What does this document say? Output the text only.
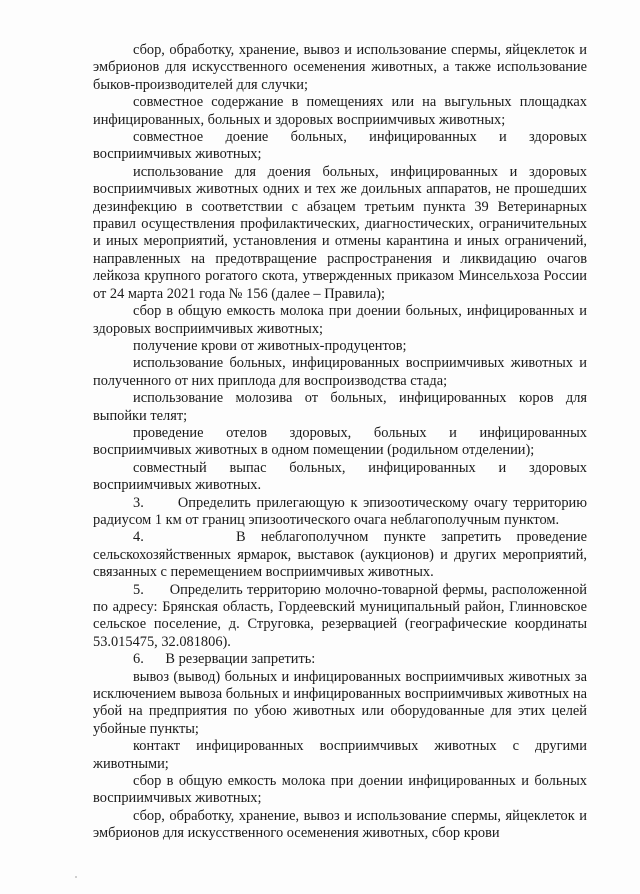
сбор, обработку, хранение, вывоз и использование спермы, яйцеклеток и эмбрионов для искусственного осеменения животных, а также использование быков-производителей для случки;

совместное содержание в помещениях или на выгульных площадках инфицированных, больных и здоровых восприимчивых животных;

совместное доение больных, инфицированных и здоровых восприимчивых животных;

использование для доения больных, инфицированных и здоровых восприимчивых животных одних и тех же доильных аппаратов, не прошедших дезинфекцию в соответствии с абзацем третьим пункта 39 Ветеринарных правил осуществления профилактических, диагностических, ограничительных и иных мероприятий, установления и отмены карантина и иных ограничений, направленных на предотвращение распространения и ликвидацию очагов лейкоза крупного рогатого скота, утвержденных приказом Минсельхоза России от 24 марта 2021 года № 156 (далее – Правила);

сбор в общую емкость молока при доении больных, инфицированных и здоровых восприимчивых животных;

получение крови от животных-продуцентов;

использование больных, инфицированных восприимчивых животных и полученного от них приплода для воспроизводства стада;

использование молозива от больных, инфицированных коров для выпойки телят;

проведение отелов здоровых, больных и инфицированных восприимчивых животных в одном помещении (родильном отделении);

совместный выпас больных, инфицированных и здоровых восприимчивых животных.

3.      Определить прилегающую к эпизоотическому очагу территорию радиусом 1 км от границ эпизоотического очага неблагополучным пунктом.

4.      В неблагополучном пункте запретить проведение сельскохозяйственных ярмарок, выставок (аукционов) и других мероприятий, связанных с перемещением восприимчивых животных.

5.      Определить территорию молочно-товарной фермы, расположенной по адресу: Брянская область, Гордеевский муниципальный район, Глинновское сельское поселение, д. Струговка, резервацией (географические координаты 53.015475, 32.081806).

6.      В резервации запретить:

вывоз (вывод) больных и инфицированных восприимчивых животных за исключением вывоза больных и инфицированных восприимчивых животных на убой на предприятия по убою животных или оборудованные для этих целей убойные пункты;

контакт инфицированных восприимчивых животных с другими животными;

сбор в общую емкость молока при доении инфицированных и больных восприимчивых животных;

сбор, обработку, хранение, вывоз и использование спермы, яйцеклеток и эмбрионов для искусственного осеменения животных, сбор крови
